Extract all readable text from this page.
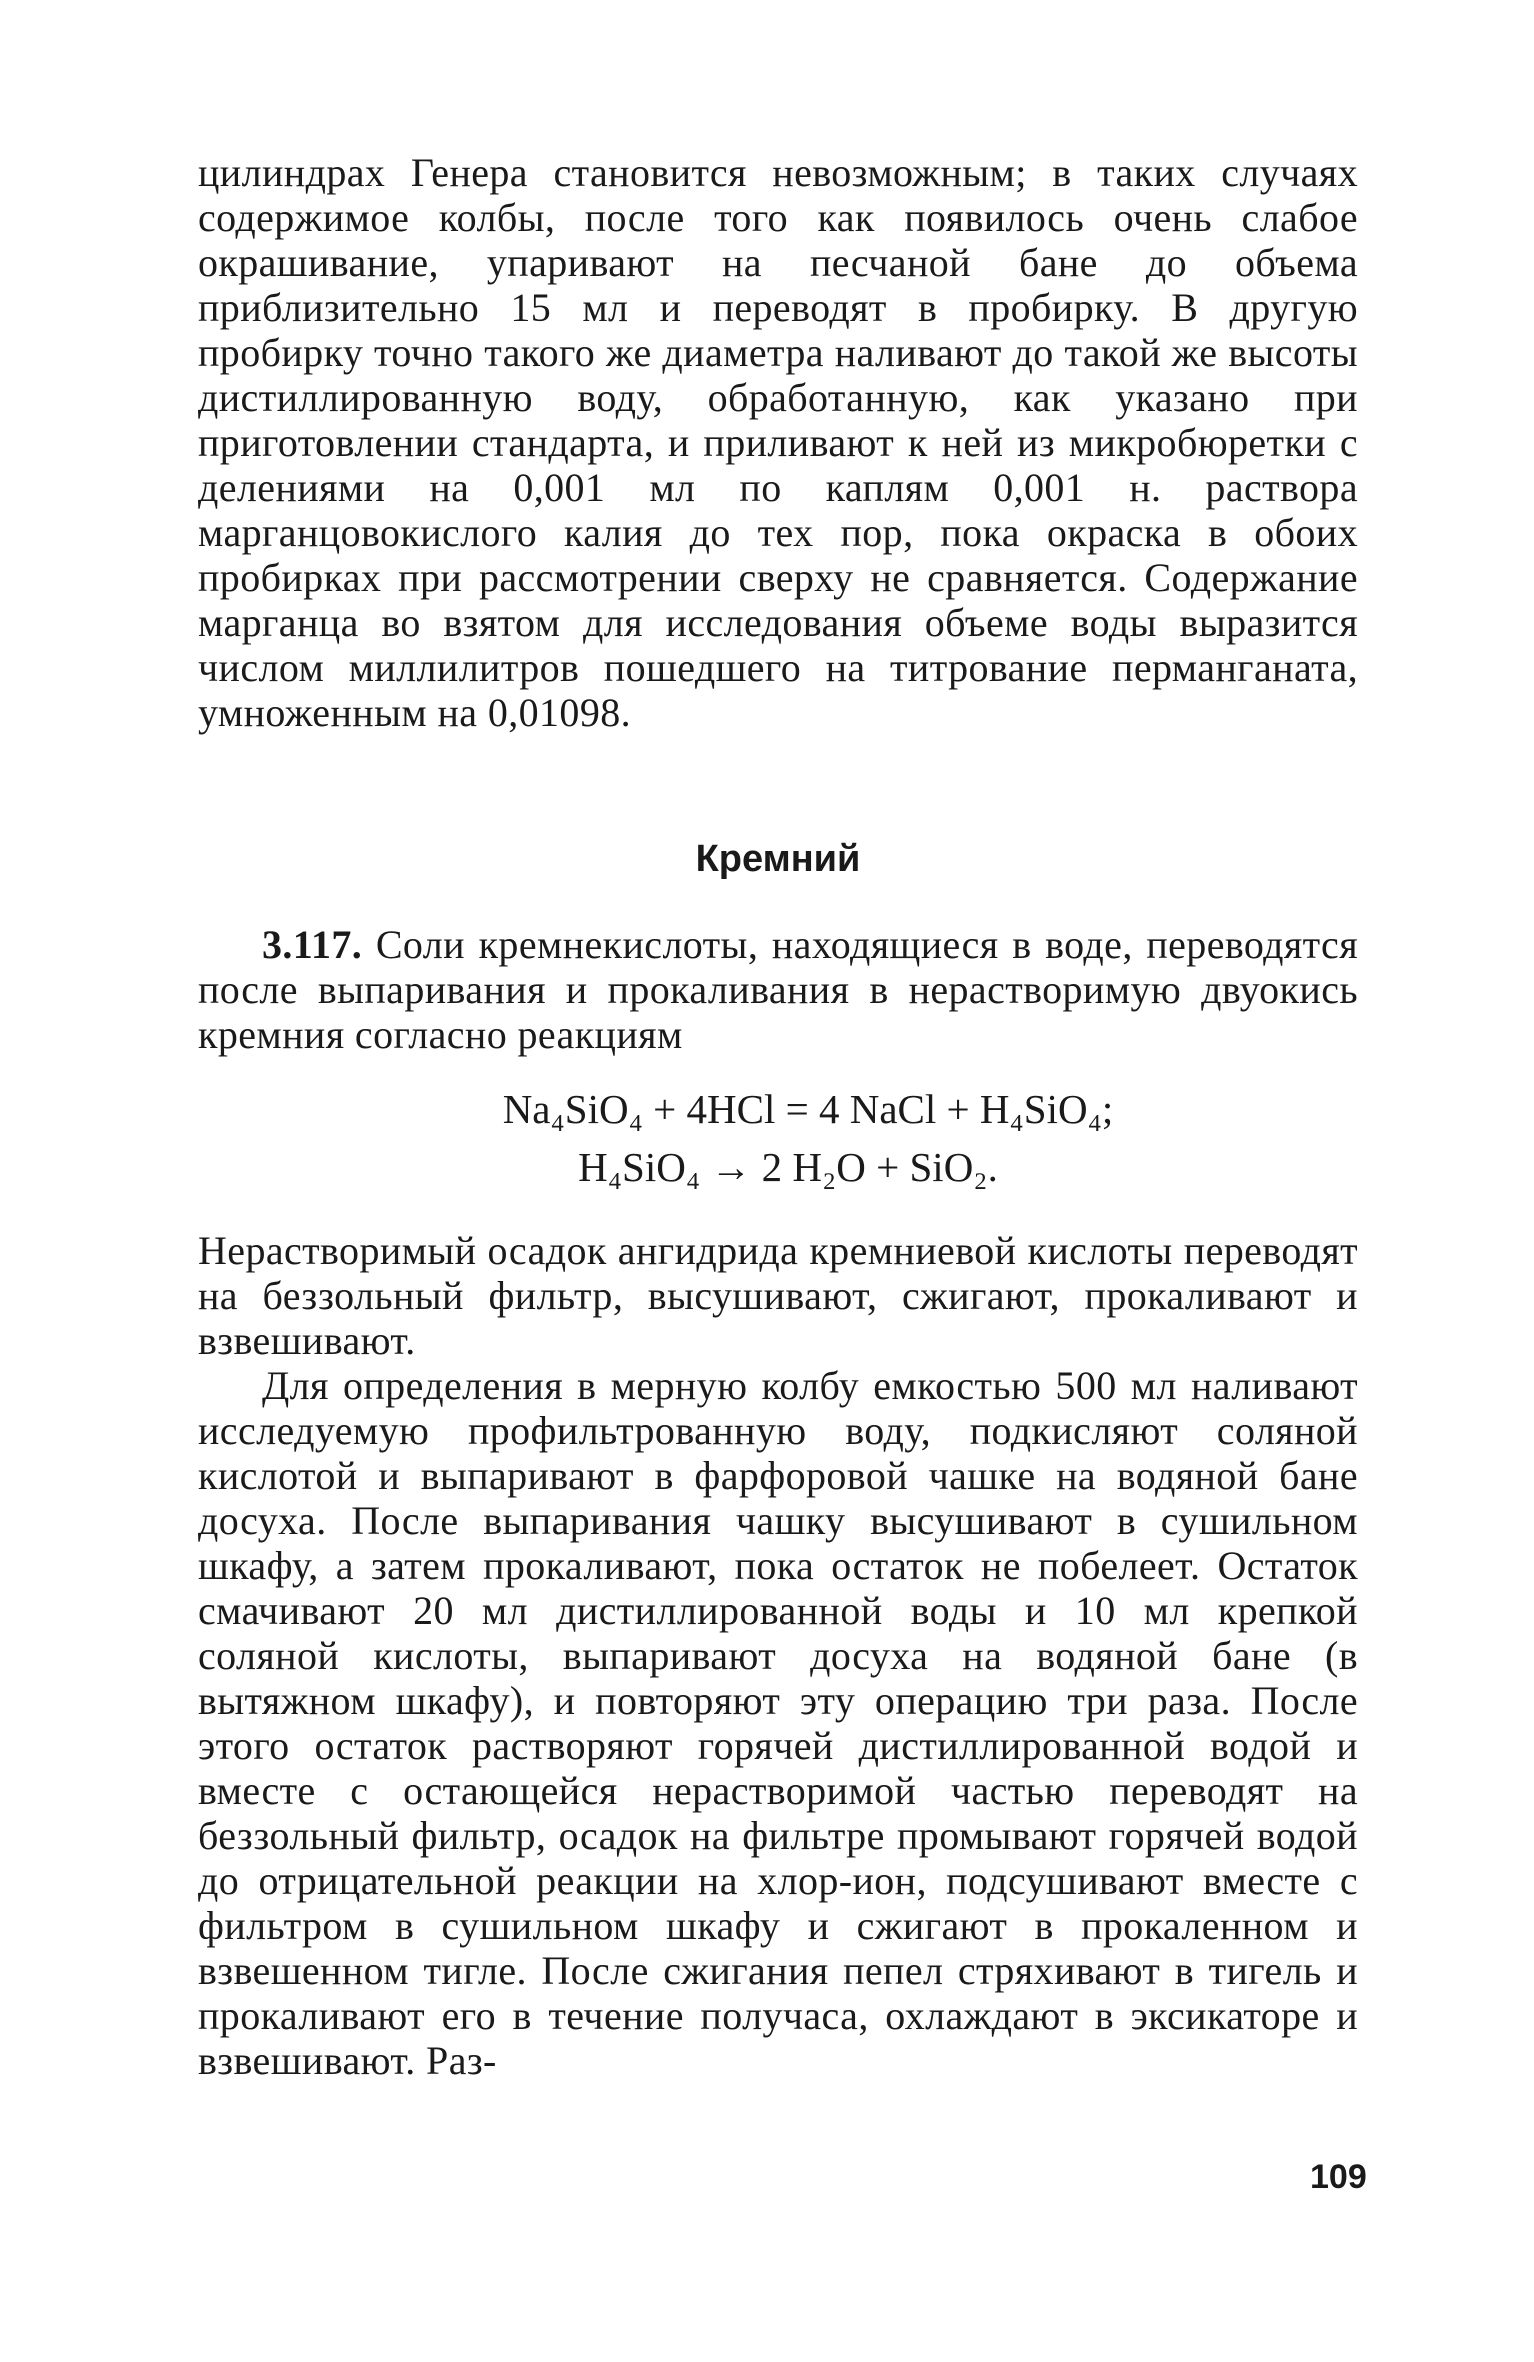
цилиндрах Генера становится невозможным; в таких случаях содержимое колбы, после того как появилось очень слабое окрашивание, упаривают на песчаной бане до объема приблизительно 15 мл и переводят в пробирку. В другую пробирку точно такого же диаметра наливают до такой же высоты дистиллированную воду, обработанную, как указано при приготовлении стандарта, и приливают к ней из микробюретки с делениями на 0,001 мл по каплям 0,001 н. раствора марганцовокислого калия до тех пор, пока окраска в обоих пробирках при рассмотрении сверху не сравняется. Содержание марганца во взятом для исследования объеме воды выразится числом миллилитров пошедшего на титрование перманганата, умноженным на 0,01098.

Кремний

3.117. Соли кремнекислоты, находящиеся в воде, переводятся после выпаривания и прокаливания в нерастворимую двуокись кремния согласно реакциям

Na₄SiO₄ + 4HCl = 4 NaCl + H₄SiO₄;

H₄SiO₄ → 2 H₂O + SiO₂.

Нерастворимый осадок ангидрида кремниевой кислоты переводят на беззольный фильтр, высушивают, сжигают, прокаливают и взвешивают.

Для определения в мерную колбу емкостью 500 мл наливают исследуемую профильтрованную воду, подкисляют соляной кислотой и выпаривают в фарфоровой чашке на водяной бане досуха. После выпаривания чашку высушивают в сушильном шкафу, а затем прокаливают, пока остаток не побелеет. Остаток смачивают 20 мл дистиллированной воды и 10 мл крепкой соляной кислоты, выпаривают досуха на водяной бане (в вытяжном шкафу), и повторяют эту операцию три раза. После этого остаток растворяют горячей дистиллированной водой и вместе с остающейся нерастворимой частью переводят на беззольный фильтр, осадок на фильтре промывают горячей водой до отрицательной реакции на хлор-ион, подсушивают вместе с фильтром в сушильном шкафу и сжигают в прокаленном и взвешенном тигле. После сжигания пепел стряхивают в тигель и прокаливают его в течение получаса, охлаждают в эксикаторе и взвешивают. Раз-

109
